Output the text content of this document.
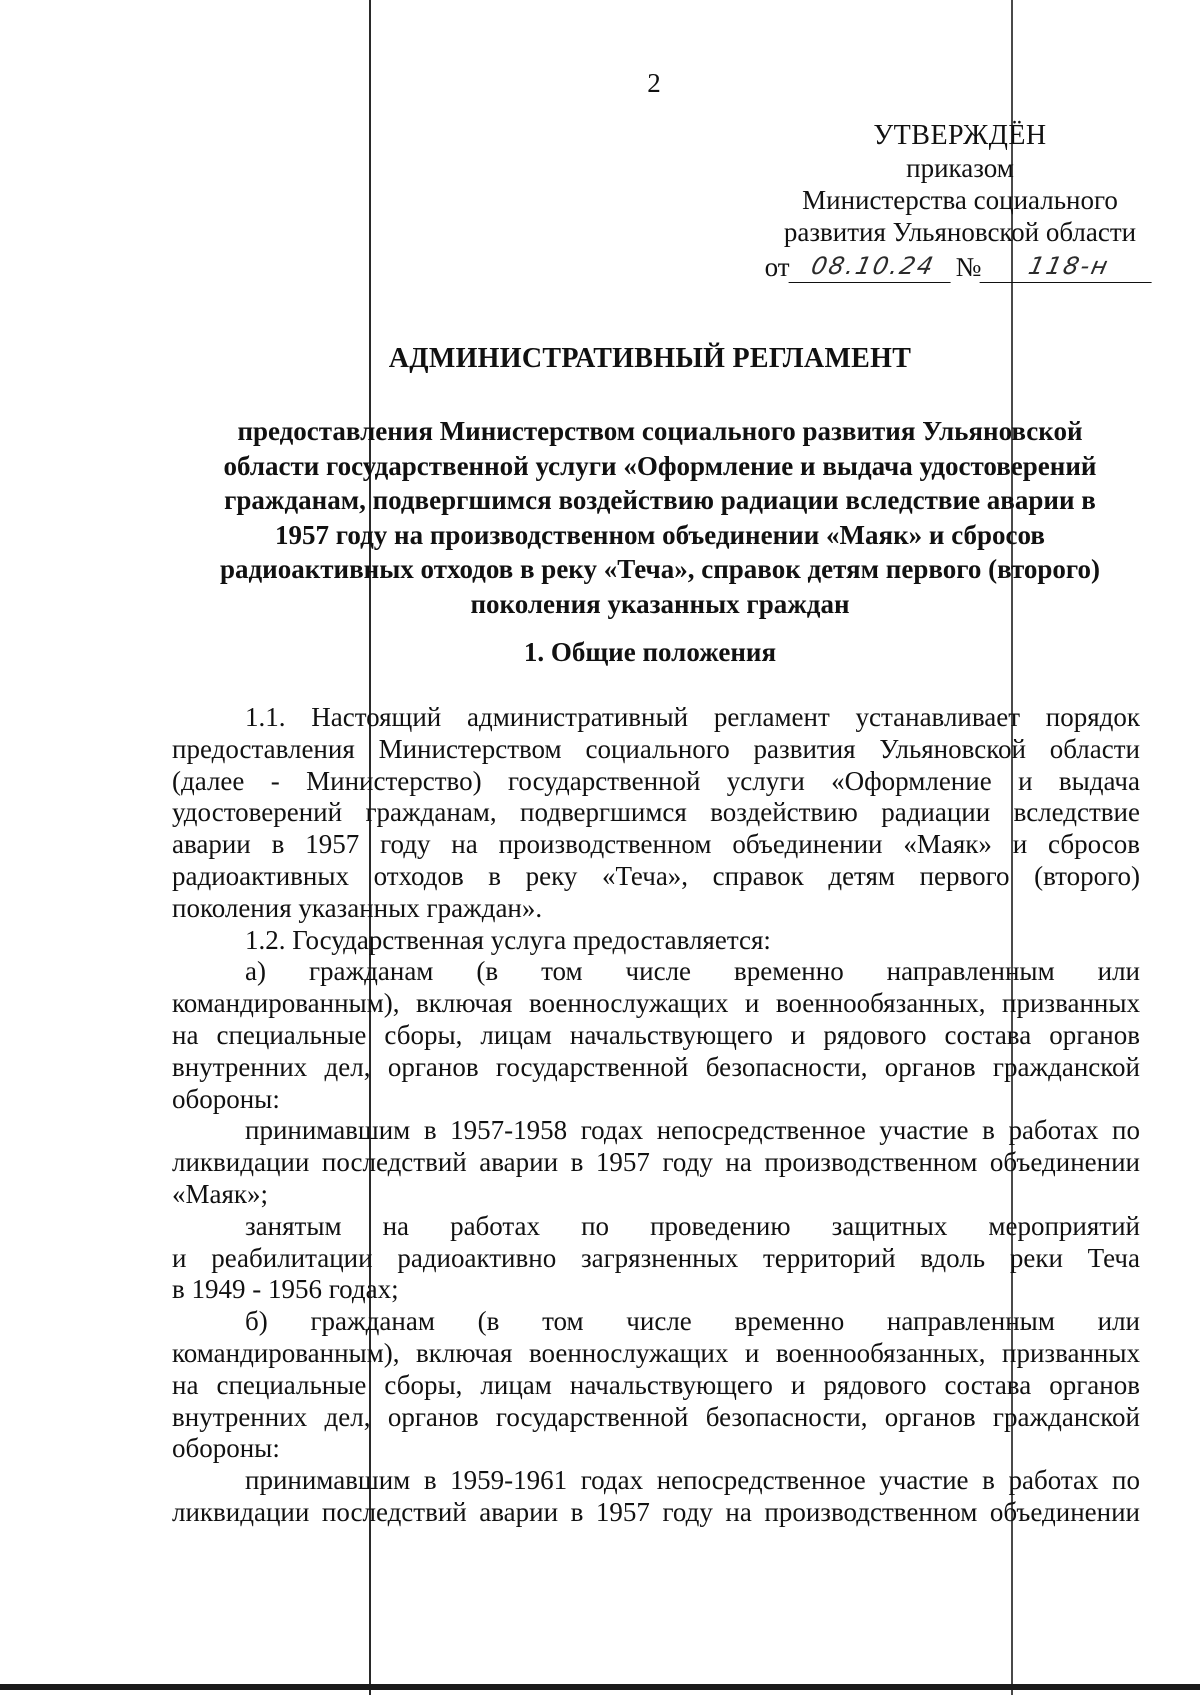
2
УТВЕРЖДЁН
приказом
Министерства социального
развития Ульяновской области
от 08.10.24 №	118-н
АДМИНИСТРАТИВНЫЙ РЕГЛАМЕНТ
предоставления Министерством социального развития Ульяновской
области государственной услуги «Оформление и выдача удостоверений
гражданам, подвергшимся воздействию радиации вследствие аварии в
1957 году на производственном объединении «Маяк» и сбросов
радиоактивных отходов в реку «Теча», справок детям первого (второго)
поколения указанных граждан
1. Общие положения
1.1. Настоящий административный регламент устанавливает порядок
предоставления Министерством социального развития Ульяновской области
(далее - Министерство) государственной услуги «Оформление и выдача
удостоверений гражданам, подвергшимся воздействию радиации вследствие
аварии в 1957 году на производственном объединении «Маяк» и сбросов
радиоактивных отходов в реку «Теча», справок детям первого (второго)
поколения указанных граждан».
1.2. Государственная услуга предоставляется:
а) гражданам (в том числе временно направленным или
командированным), включая военнослужащих и военнообязанных, призванных
на специальные сборы, лицам начальствующего и рядового состава органов
внутренних дел, органов государственной безопасности, органов гражданской
обороны:
принимавшим в 1957-1958 годах непосредственное участие в работах по
ликвидации последствий аварии в 1957 году на производственном объединении
«Маяк»;
занятым на работах по проведению защитных мероприятий
и реабилитации радиоактивно загрязненных территорий вдоль реки Теча
в 1949 - 1956 годах;
б) гражданам (в том числе временно направленным или
командированным), включая военнослужащих и военнообязанных, призванных
на специальные сборы, лицам начальствующего и рядового состава органов
внутренних дел, органов государственной безопасности, органов гражданской
обороны:
принимавшим в 1959-1961 годах непосредственное участие в работах по
ликвидации последствий аварии в 1957 году на производственном объединении
